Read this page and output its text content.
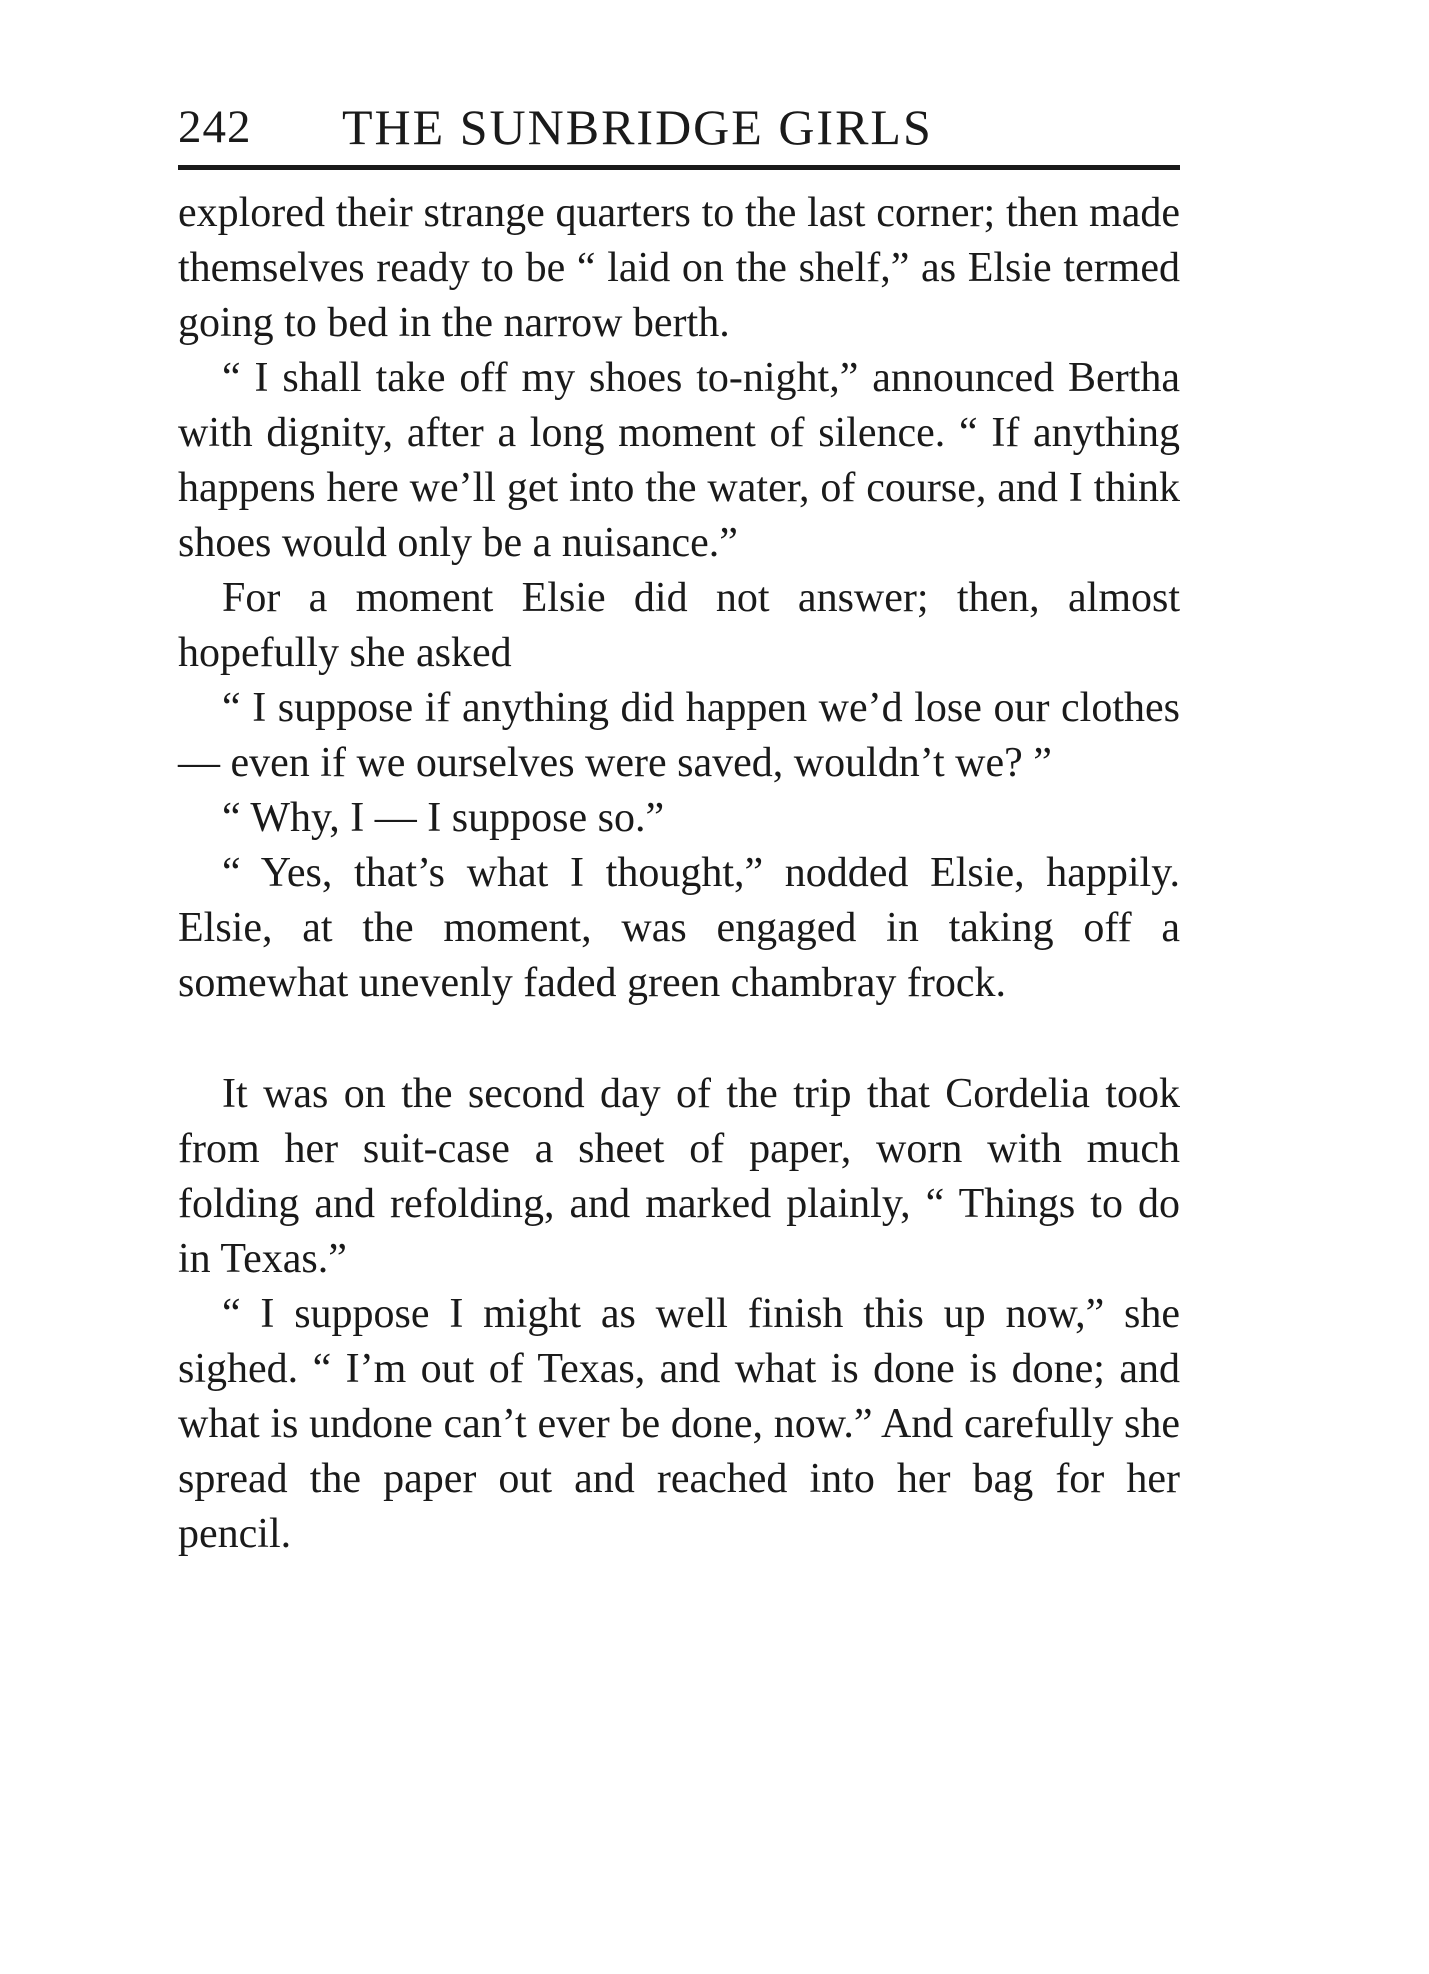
242 THE SUNBRIDGE GIRLS

explored their strange quarters to the last corner; then made themselves ready to be “ laid on the shelf,” as Elsie termed going to bed in the narrow berth.

“ I shall take off my shoes to-night,” announced Bertha with dignity, after a long moment of silence. “ If anything happens here we’ll get into the water, of course, and I think shoes would only be a nuisance.”

For a moment Elsie did not answer; then, almost hopefully she asked

“ I suppose if anything did happen we’d lose our clothes — even if we ourselves were saved, wouldn’t we? ”

“ Why, I — I suppose so.”

“ Yes, that’s what I thought,” nodded Elsie, happily. Elsie, at the moment, was engaged in taking off a somewhat unevenly faded green chambray frock.

It was on the second day of the trip that Cordelia took from her suit-case a sheet of paper, worn with much folding and refolding, and marked plainly, “ Things to do in Texas.”

“ I suppose I might as well finish this up now,” she sighed. “ I’m out of Texas, and what is done is done; and what is undone can’t ever be done, now.” And carefully she spread the paper out and reached into her bag for her pencil.
